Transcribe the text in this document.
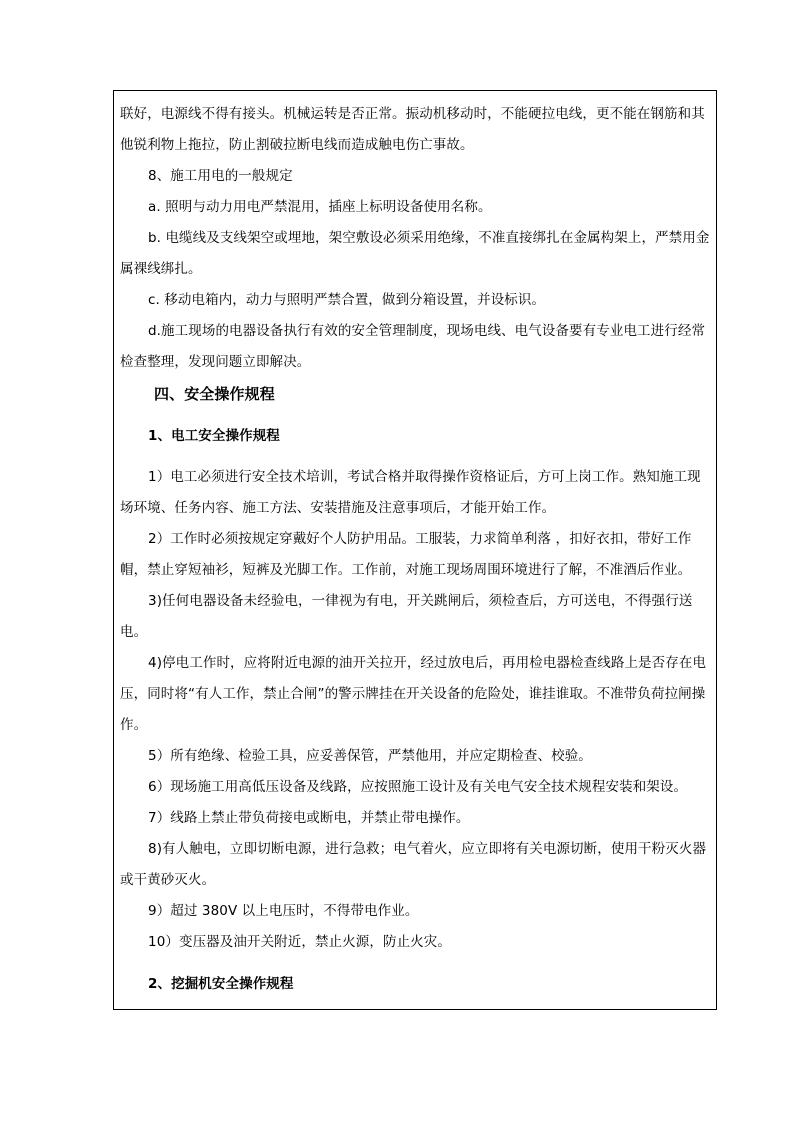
联好，电源线不得有接头。机械运转是否正常。振动机移动时，不能硬拉电线，更不能在钢筋和其他锐利物上拖拉，防止割破拉断电线而造成触电伤亡事故。

8、施工用电的一般规定

a. 照明与动力用电严禁混用，插座上标明设备使用名称。

b. 电缆线及支线架空或埋地，架空敷设必须采用绝缘，不准直接绑扎在金属构架上，严禁用金属裸线绑扎。

c. 移动电箱内，动力与照明严禁合置，做到分箱设置，并设标识。

d.施工现场的电器设备执行有效的安全管理制度，现场电线、电气设备要有专业电工进行经常检查整理，发现问题立即解决。

四、安全操作规程

1、电工安全操作规程

1）电工必须进行安全技术培训，考试合格并取得操作资格证后，方可上岗工作。熟知施工现场环境、任务内容、施工方法、安装措施及注意事项后，才能开始工作。

2）工作时必须按规定穿戴好个人防护用品。工服装，力求简单利落 ，扣好衣扣，带好工作帽，禁止穿短袖衫，短裤及光脚工作。工作前，对施工现场周围环境进行了解，不准酒后作业。

3)任何电器设备未经验电，一律视为有电，开关跳闸后，须检查后，方可送电，不得强行送电。

4)停电工作时，应将附近电源的油开关拉开，经过放电后，再用检电器检查线路上是否存在电压，同时将“有人工作，禁止合闸”的警示牌挂在开关设备的危险处，谁挂谁取。不准带负荷拉闸操作。

5）所有绝缘、检验工具，应妥善保管，严禁他用，并应定期检查、校验。

6）现场施工用高低压设备及线路，应按照施工设计及有关电气安全技术规程安装和架设。

7）线路上禁止带负荷接电或断电，并禁止带电操作。

8)有人触电，立即切断电源，进行急救；电气着火，应立即将有关电源切断，使用干粉灭火器或干黄砂灭火。

9）超过 380V 以上电压时，不得带电作业。

10）变压器及油开关附近，禁止火源，防止火灾。

2、挖掘机安全操作规程
